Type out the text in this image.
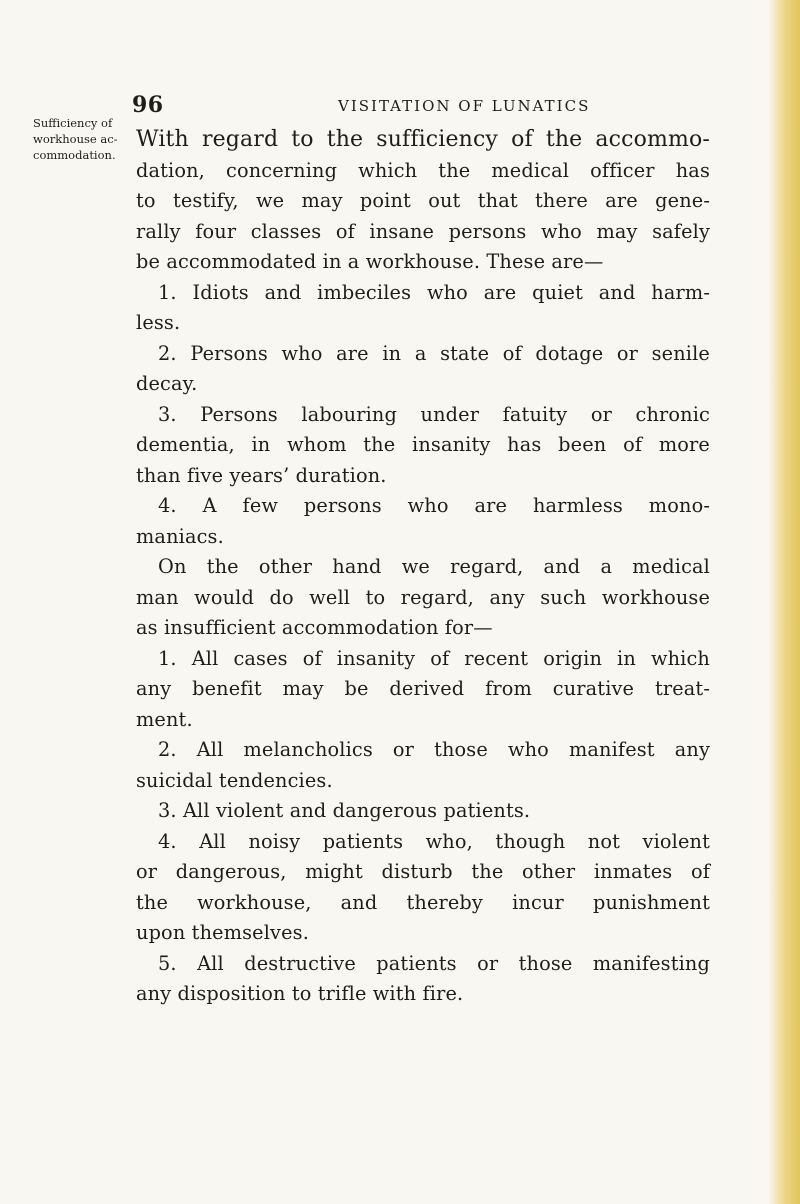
96	VISITATION OF LUNATICS
Sufficiency of
workhouse ac-
commodation.
With regard to the sufficiency of the accommo-
dation, concerning which the medical officer has
to testify, we may point out that there are gene-
rally four classes of insane persons who may safely
be accommodated in a workhouse. These are—
1. Idiots and imbeciles who are quiet and harm-
less.
2. Persons who are in a state of dotage or senile
decay.
3. Persons labouring under fatuity or chronic
dementia, in whom the insanity has been of more
than five years’ duration.
4. A few persons who are harmless mono-
maniacs.
On the other hand we regard, and a medical
man would do well to regard, any such workhouse
as insufficient accommodation for—
1. All cases of insanity of recent origin in which
any benefit may be derived from curative treat-
ment.
2. All melancholics or those who manifest any
suicidal tendencies.
3. All violent and dangerous patients.
4. All noisy patients who, though not violent
or dangerous, might disturb the other inmates of
the workhouse, and thereby incur punishment
upon themselves.
5. All destructive patients or those manifesting
any disposition to trifle with fire.
